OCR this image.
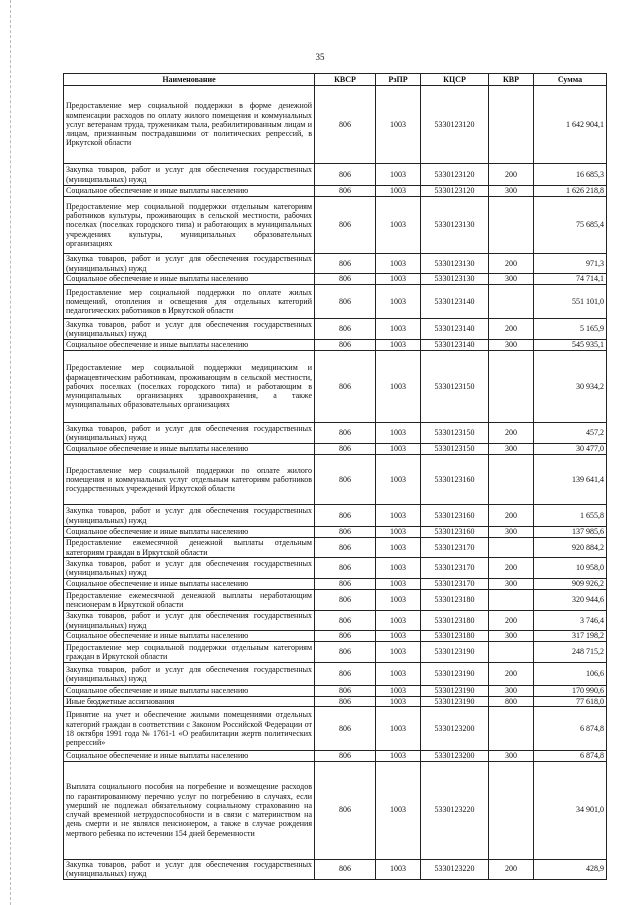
35
Наименование	КВСР	РзПР	КЦСР	КВР	Сумма
Предоставление мер социальной поддержки в форме денежной компенсации расходов по оплату жилого помещения и коммунальных услуг ветеранам труда, труженикам тыла, реабилитированным лицам и лицам, признанным пострадавшими от политических репрессий, в Иркутской области	806	1003	5330123120		1 642 904,1
Закупка товаров, работ и услуг для обеспечения государственных (муниципальных) нужд	806	1003	5330123120	200	16 685,3
Социальное обеспечение и иные выплаты населению	806	1003	5330123120	300	1 626 218,8
Предоставление мер социальной поддержки отдельным категориям работников культуры, проживающих в сельской местности, рабочих поселках (поселках городского типа) и работающих в муниципальных учреждениях культуры, муниципальных образовательных организациях	806	1003	5330123130		75 685,4
Закупка товаров, работ и услуг для обеспечения государственных (муниципальных) нужд	806	1003	5330123130	200	971,3
Социальное обеспечение и иные выплаты населению	806	1003	5330123130	300	74 714,1
Предоставление мер социальной поддержки по оплате жилых помещений, отопления и освещения для отдельных категорий педагогических работников в Иркутской области	806	1003	5330123140		551 101,0
Закупка товаров, работ и услуг для обеспечения государственных (муниципальных) нужд	806	1003	5330123140	200	5 165,9
Социальное обеспечение и иные выплаты населению	806	1003	5330123140	300	545 935,1
Предоставление мер социальной поддержки медицинским и фармацевтическим работникам, проживающим в сельской местности, рабочих поселках (поселках городского типа) и работающим в муниципальных организациях здравоохранения, а также муниципальных образовательных организациях	806	1003	5330123150		30 934,2
Закупка товаров, работ и услуг для обеспечения государственных (муниципальных) нужд	806	1003	5330123150	200	457,2
Социальное обеспечение и иные выплаты населению	806	1003	5330123150	300	30 477,0
Предоставление мер социальной поддержки по оплате жилого помещения и коммунальных услуг отдельным категориям работников государственных учреждений Иркутской области	806	1003	5330123160		139 641,4
Закупка товаров, работ и услуг для обеспечения государственных (муниципальных) нужд	806	1003	5330123160	200	1 655,8
Социальное обеспечение и иные выплаты населению	806	1003	5330123160	300	137 985,6
Предоставление ежемесячной денежной выплаты отдельным категориям граждан в Иркутской области	806	1003	5330123170		920 884,2
Закупка товаров, работ и услуг для обеспечения государственных (муниципальных) нужд	806	1003	5330123170	200	10 958,0
Социальное обеспечение и иные выплаты населению	806	1003	5330123170	300	909 926,2
Предоставление ежемесячной денежной выплаты неработающим пенсионерам в Иркутской области	806	1003	5330123180		320 944,6
Закупка товаров, работ и услуг для обеспечения государственных (муниципальных) нужд	806	1003	5330123180	200	3 746,4
Социальное обеспечение и иные выплаты населению	806	1003	5330123180	300	317 198,2
Предоставление мер социальной поддержки отдельным категориям граждан в Иркутской области	806	1003	5330123190		248 715,2
Закупка товаров, работ и услуг для обеспечения государственных (муниципальных) нужд	806	1003	5330123190	200	106,6
Социальное обеспечение и иные выплаты населению	806	1003	5330123190	300	170 990,6
Иные бюджетные ассигнования	806	1003	5330123190	800	77 618,0
Принятие на учет и обеспечение жилыми помещениями отдельных категорий граждан в соответствии с Законом Российской Федерации от 18 октября 1991 года № 1761-1 «О реабилитации жертв политических репрессий»	806	1003	5330123200		6 874,8
Социальное обеспечение и иные выплаты населению	806	1003	5330123200	300	6 874,8
Выплата социального пособия на погребение и возмещение расходов по гарантированному перечню услуг по погребению в случаях, если умерший не подлежал обязательному социальному страхованию на случай временной нетрудоспособности и в связи с материнством на день смерти и не являлся пенсионером, а также в случае рождения мертвого ребенка по истечении 154 дней беременности	806	1003	5330123220		34 901,0
Закупка товаров, работ и услуг для обеспечения государственных (муниципальных) нужд	806	1003	5330123220	200	428,9
